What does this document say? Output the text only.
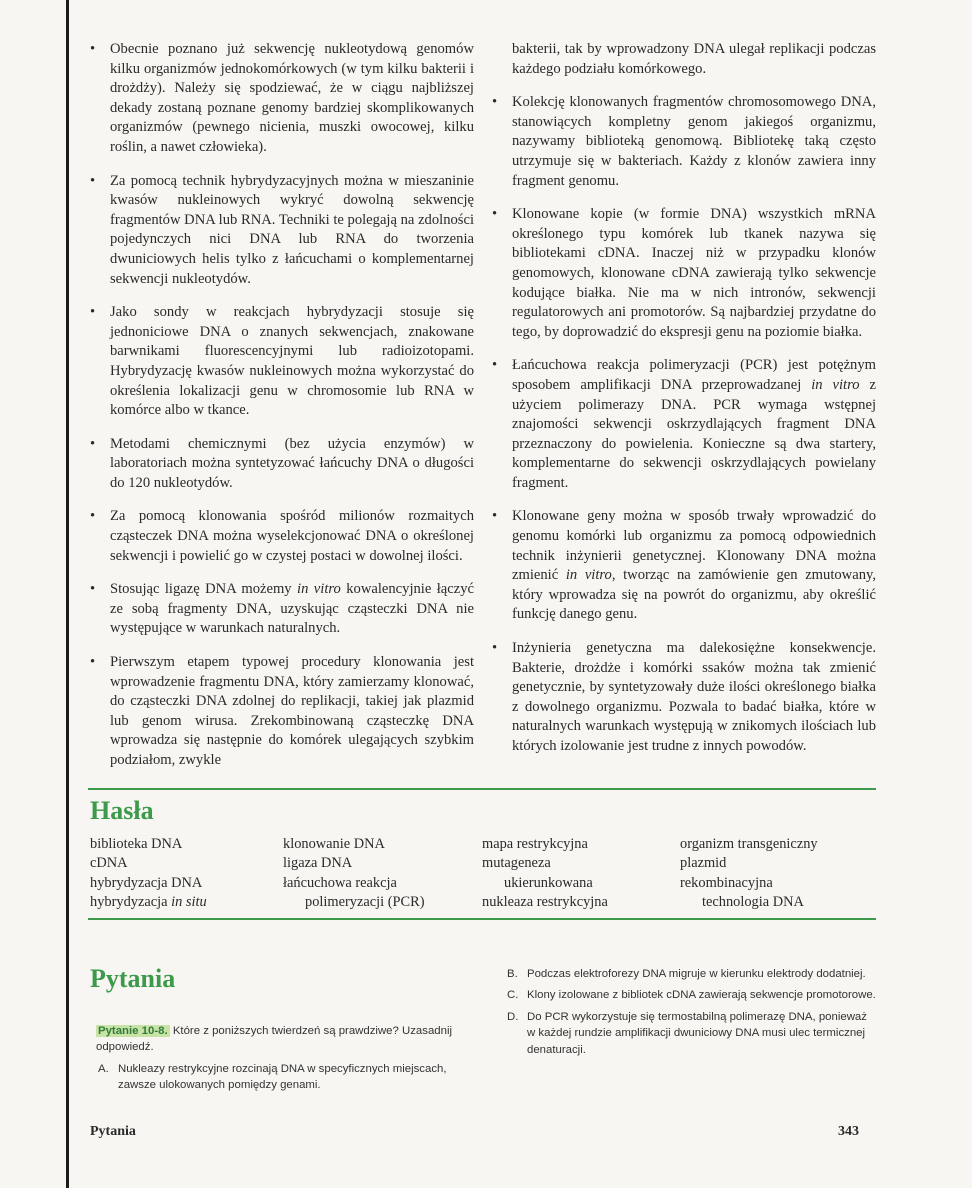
• Obecnie poznano już sekwencję nukleotydową genomów kilku organizmów jednokomórkowych (w tym kilku bakterii i drożdży). Należy się spodziewać, że w ciągu najbliższej dekady zostaną poznane genomy bardziej skomplikowanych organizmów (pewnego nicienia, muszki owocowej, kilku roślin, a nawet człowieka).
• Za pomocą technik hybrydyzacyjnych można w mieszaninie kwasów nukleinowych wykryć dowolną sekwencję fragmentów DNA lub RNA. Techniki te polegają na zdolności pojedynczych nici DNA lub RNA do tworzenia dwuniciowych helis tylko z łańcuchami o komplementarnej sekwencji nukleotydów.
• Jako sondy w reakcjach hybrydyzacji stosuje się jednoniciowe DNA o znanych sekwencjach, znakowane barwnikami fluorescencyjnymi lub radioizotopami. Hybrydyzację kwasów nukleinowych można wykorzystać do określenia lokalizacji genu w chromosomie lub RNA w komórce albo w tkance.
• Metodami chemicznymi (bez użycia enzymów) w laboratoriach można syntetyzować łańcuchy DNA o długości do 120 nukleotydów.
• Za pomocą klonowania spośród milionów rozmaitych cząsteczek DNA można wyselekcjonować DNA o określonej sekwencji i powielić go w czystej postaci w dowolnej ilości.
• Stosując ligazę DNA możemy in vitro kowalencyjnie łączyć ze sobą fragmenty DNA, uzyskując cząsteczki DNA nie występujące w warunkach naturalnych.
• Pierwszym etapem typowej procedury klonowania jest wprowadzenie fragmentu DNA, który zamierzamy klonować, do cząsteczki DNA zdolnej do replikacji, takiej jak plazmid lub genom wirusa. Zrekombinowaną cząsteczkę DNA wprowadza się następnie do komórek ulegających szybkim podziałom, zwykle

bakterii, tak by wprowadzony DNA ulegał replikacji podczas każdego podziału komórkowego.

• Kolekcję klonowanych fragmentów chromosomowego DNA, stanowiących kompletny genom jakiegoś organizmu, nazywamy biblioteką genomową. Bibliotekę taką często utrzymuje się w bakteriach. Każdy z klonów zawiera inny fragment genomu.
• Klonowane kopie (w formie DNA) wszystkich mRNA określonego typu komórek lub tkanek nazywa się bibliotekami cDNA. Inaczej niż w przypadku klonów genomowych, klonowane cDNA zawierają tylko sekwencje kodujące białka. Nie ma w nich intronów, sekwencji regulatorowych ani promotorów. Są najbardziej przydatne do tego, by doprowadzić do ekspresji genu na poziomie białka.
• Łańcuchowa reakcja polimeryzacji (PCR) jest potężnym sposobem amplifikacji DNA przeprowadzanej in vitro z użyciem polimerazy DNA. PCR wymaga wstępnej znajomości sekwencji oskrzydlających fragment DNA przeznaczony do powielenia. Konieczne są dwa startery, komplementarne do sekwencji oskrzydlających powielany fragment.
• Klonowane geny można w sposób trwały wprowadzić do genomu komórki lub organizmu za pomocą odpowiednich technik inżynierii genetycznej. Klonowany DNA można zmienić in vitro, tworząc na zamówienie gen zmutowany, który wprowadza się na powrót do organizmu, aby określić funkcję danego genu.
• Inżynieria genetyczna ma dalekosiężne konsekwencje. Bakterie, drożdże i komórki ssaków można tak zmienić genetycznie, by syntetyzowały duże ilości określonego białka z dowolnego organizmu. Pozwala to badać białka, które w naturalnych warunkach występują w znikomych ilościach lub których izolowanie jest trudne z innych powodów.
Hasła
biblioteka DNA
cDNA
hybrydyzacja DNA
hybrydyzacja in situ
klonowanie DNA
ligaza DNA
łańcuchowa reakcja
polimeryzacji (PCR)
mapa restrykcyjna
mutageneza
ukierunkowana
nukleaza restrykcyjna
organizm transgeniczny
plazmid
rekombinacyjna
technologia DNA
Pytania
Pytanie 10-8. Które z poniższych twierdzeń są prawdziwe? Uzasadnij odpowiedź.
A. Nukleazy restrykcyjne rozcinają DNA w specyficznych miejscach, zawsze ulokowanych pomiędzy genami.
B. Podczas elektroforezy DNA migruje w kierunku elektrody dodatniej.
C. Klony izolowane z bibliotek cDNA zawierają sekwencje promotorowe.
D. Do PCR wykorzystuje się termostabilną polimerazę DNA, ponieważ w każdej rundzie amplifikacji dwuniciowy DNA musi ulec termicznej denaturacji.
Pytania	343
